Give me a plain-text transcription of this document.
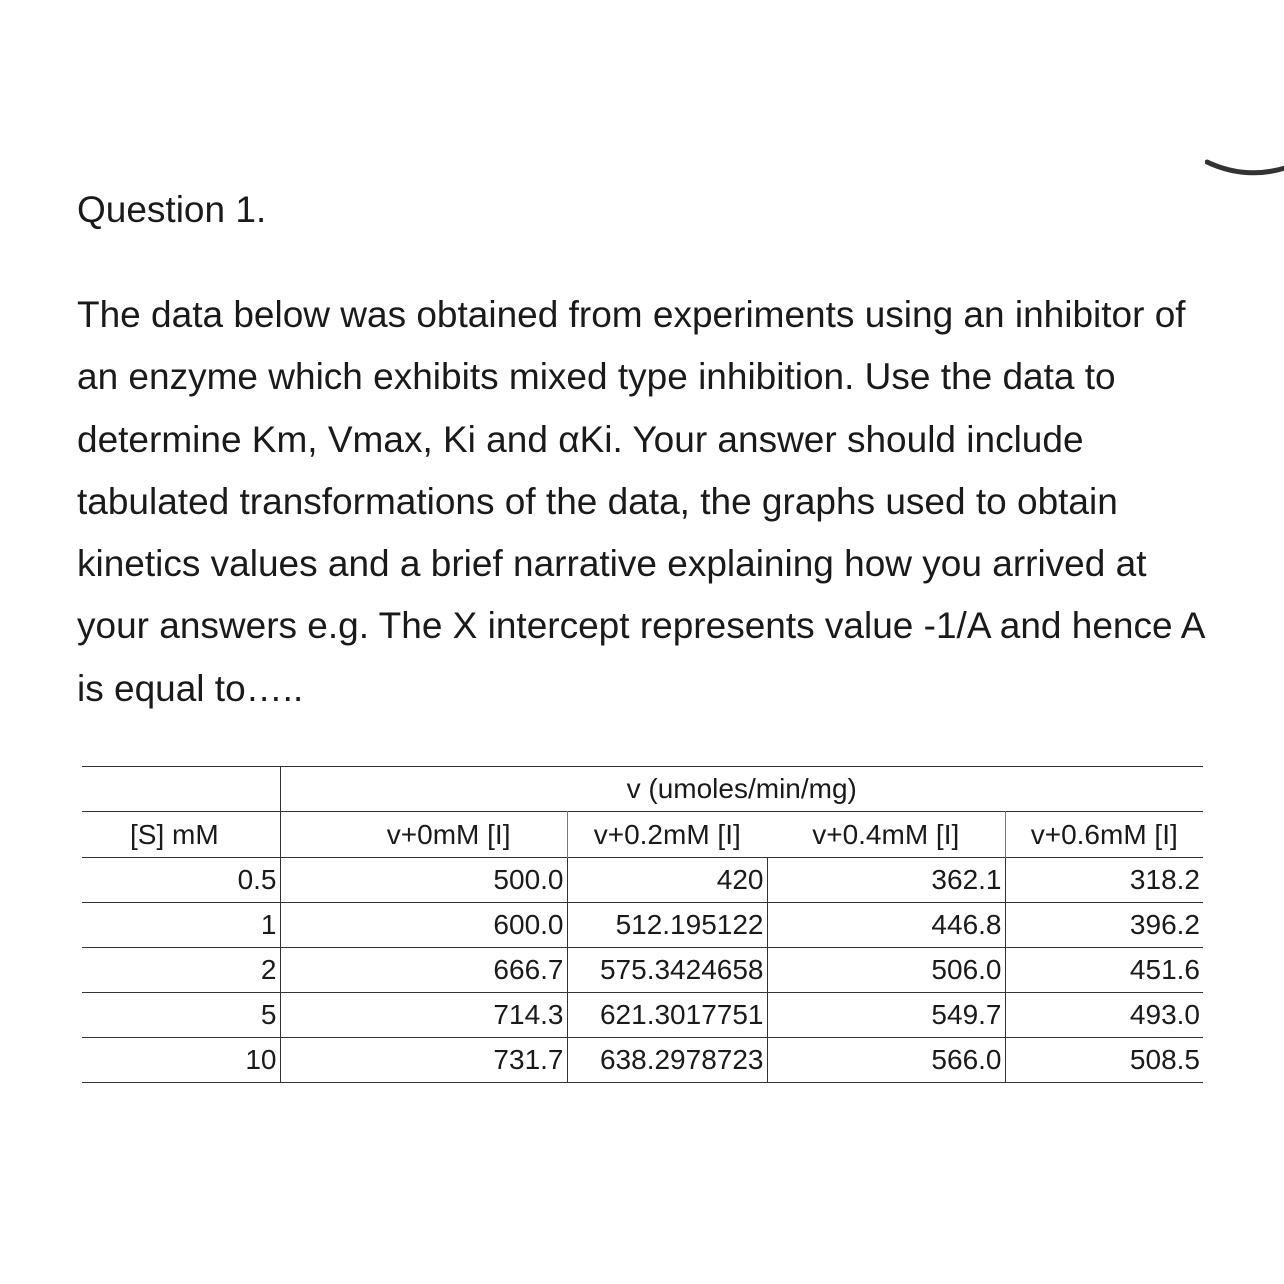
Question 1.

The data below was obtained from experiments using an inhibitor of an enzyme which exhibits mixed type inhibition. Use the data to determine Km, Vmax, Ki and αKi. Your answer should include tabulated transformations of the data, the graphs used to obtain kinetics values and a brief narrative explaining how you arrived at your answers e.g. The X intercept represents value -1/A and hence A is equal to…..

	v (umoles/min/mg)			
[S] mM	v+0mM [I]	v+0.2mM [I]	v+0.4mM [I]	v+0.6mM [I]
0.5	500.0	420	362.1	318.2
1	600.0	512.195122	446.8	396.2
2	666.7	575.3424658	506.0	451.6
5	714.3	621.3017751	549.7	493.0
10	731.7	638.2978723	566.0	508.5
